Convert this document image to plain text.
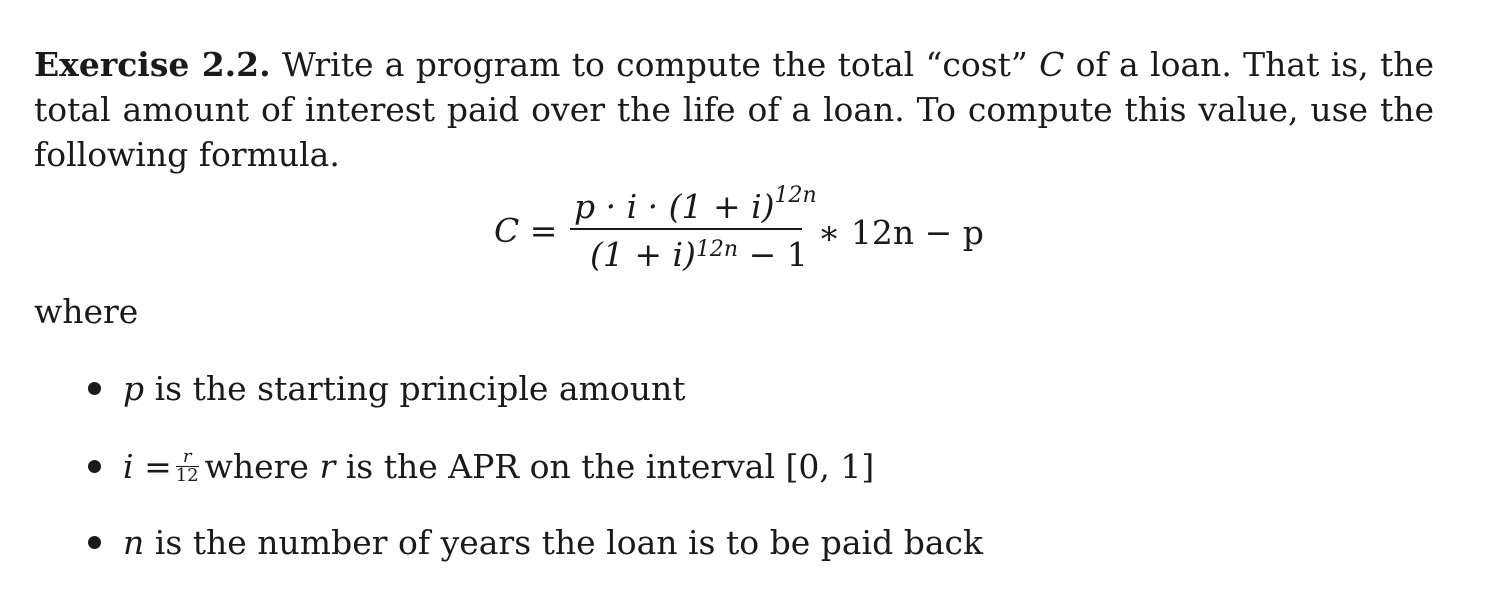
Exercise 2.2. Write a program to compute the total “cost” C of a loan. That is, the total amount of interest paid over the life of a loan. To compute this value, use the following formula.

C =
$p \cdot i \cdot (1 + i)^{12n}$
$(1 + i)^{12n} - 1$
∗ 12n − p

where

p is the starting principle amount
$i = \frac{r}{12}$ where r is the APR on the interval [0, 1]
n is the number of years the loan is to be paid back
